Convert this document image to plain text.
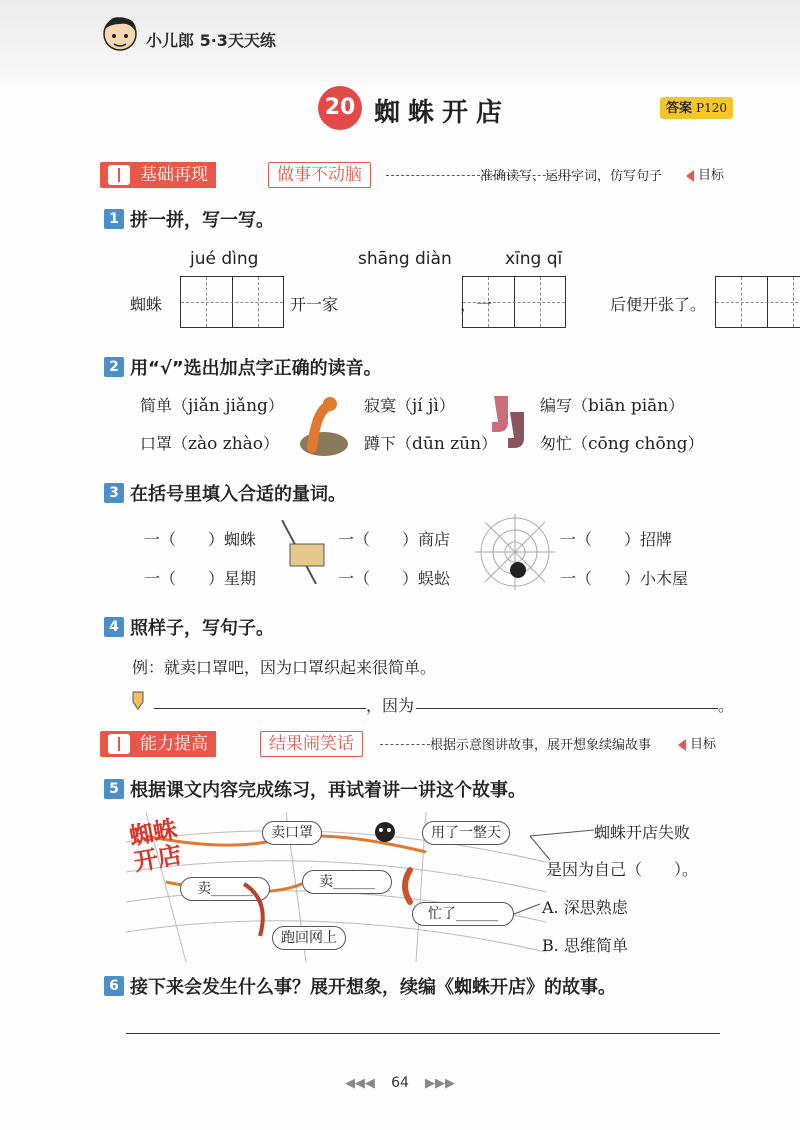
小儿郎 5·3天天练
20 蜘蛛开店	答案 P120
基础再现	做事不动脑	准确读写、运用字词，仿写句子	目标
1 拼一拼，写一写。
jué dìng	shāng diàn	xīng qī
蜘蛛
	开一家
	，一	后便开张了。
2 用“√”选出加点字正确的读音。
简单（jiǎn jiǎng）	寂寞（jí jì）	编写（biān piān）
口罩（zào zhào）	蹲下（dūn zūn）	匆忙（cōng chōng）
3 在括号里填入合适的量词。
一（　　）蜘蛛	一（　　）商店	一（　　）招牌
一（　　）星期	一（　　）蜈蚣	一（　　）小木屋
4 照样子，写句子。
例：就卖口罩吧，因为口罩织起来很简单。
，因为	。
能力提高	结果闹笑话	根据示意图讲故事，展开想象续编故事	目标
5 根据课文内容完成练习，再试着讲一讲这个故事。
蜘蛛开店
卖口罩	用了一整天
卖______	卖______
忙了______
跑回网上
蜘蛛开店失败
是因为自己（　　）。
A. 深思熟虑
B. 思维简单
6 接下来会发生什么事？展开想象，续编《蜘蛛开店》的故事。
◀◀◀ 64 ▶▶▶
